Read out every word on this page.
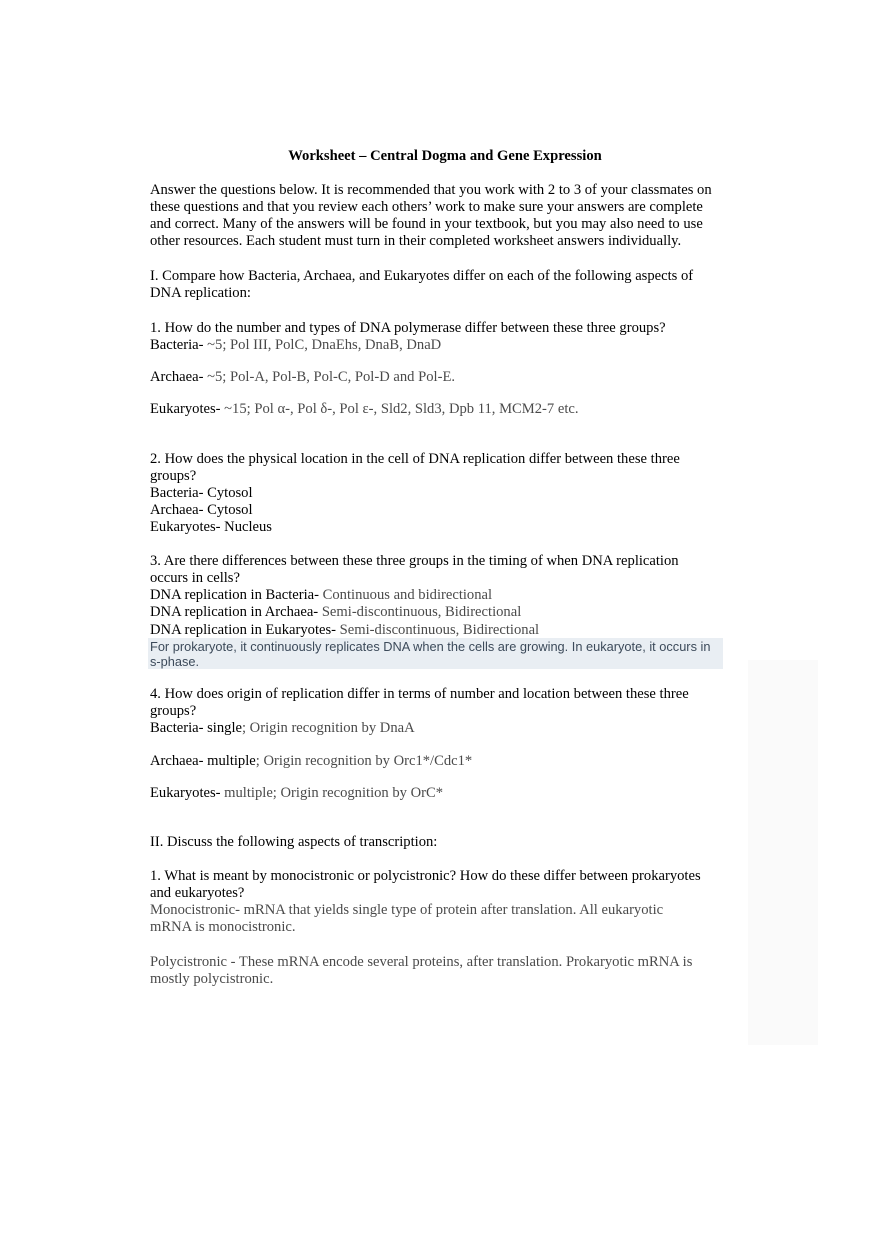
Worksheet – Central Dogma and Gene Expression
Answer the questions below. It is recommended that you work with 2 to 3 of your classmates on
these questions and that you review each others’ work to make sure your answers are complete
and correct. Many of the answers will be found in your textbook, but you may also need to use
other resources. Each student must turn in their completed worksheet answers individually.
I. Compare how Bacteria, Archaea, and Eukaryotes differ on each of the following aspects of
DNA replication:
1. How do the number and types of DNA polymerase differ between these three groups?
Bacteria- ~5; Pol III, PolC, DnaEhs, DnaB, DnaD
Archaea- ~5; Pol-A, Pol-B, Pol-C, Pol-D and Pol-E.
Eukaryotes- ~15; Pol α-, Pol δ-, Pol ε-, Sld2, Sld3, Dpb 11, MCM2-7 etc.
2. How does the physical location in the cell of DNA replication differ between these three
groups?
Bacteria- Cytosol
Archaea- Cytosol
Eukaryotes- Nucleus
3. Are there differences between these three groups in the timing of when DNA replication
occurs in cells?
DNA replication in Bacteria- Continuous and bidirectional
DNA replication in Archaea- Semi-discontinuous, Bidirectional
DNA replication in Eukaryotes- Semi-discontinuous, Bidirectional
For prokaryote, it continuously replicates DNA when the cells are growing. In eukaryote, it occurs in
s-phase.
4. How does origin of replication differ in terms of number and location between these three
groups?
Bacteria- single; Origin recognition by DnaA
Archaea- multiple; Origin recognition by Orc1*/Cdc1*
Eukaryotes- multiple; Origin recognition by OrC*
II. Discuss the following aspects of transcription:
1. What is meant by monocistronic or polycistronic? How do these differ between prokaryotes
and eukaryotes?
Monocistronic- mRNA that yields single type of protein after translation. All eukaryotic
mRNA is monocistronic.
Polycistronic - These mRNA encode several proteins, after translation. Prokaryotic mRNA is
mostly polycistronic.
